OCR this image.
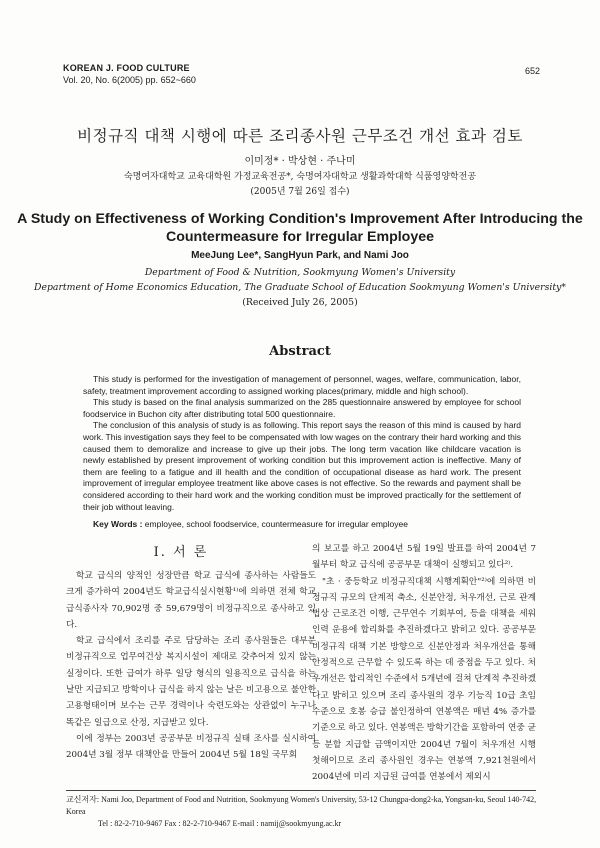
KOREAN J. FOOD CULTURE
Vol. 20, No. 6(2005) pp. 652~660
652
비정규직 대책 시행에 따른 조리종사원 근무조건 개선 효과 검토
이미정* · 박상현 · 주나미
숙명여자대학교 교육대학원 가정교육전공*, 숙명여자대학교 생활과학대학 식품영양학전공
(2005년 7월 26일 접수)
A Study on Effectiveness of Working Condition's Improvement After Introducing the
Countermeasure for Irregular Employee
MeeJung Lee*, SangHyun Park, and Nami Joo
Department of Food & Nutrition, Sookmyung Women's University
Department of Home Economics Education, The Graduate School of Education Sookmyung Women's University*
(Received July 26, 2005)
Abstract

This study is performed for the investigation of management of personnel, wages, welfare, communication, labor, safety, treatment improvement according to assigned working places(primary, middle and high school).

This study is based on the final analysis summarized on the 285 questionnaire answered by employee for school foodservice in Buchon city after distributing total 500 questionnaire.

The conclusion of this analysis of study is as following. This report says the reason of this mind is caused by hard work. This investigation says they feel to be compensated with low wages on the contrary their hard working and this caused them to demoralize and increase to give up their jobs. The long term vacation like childcare vacation is newly established by present improvement of working condition but this improvement action is ineffective. Many of them are feeling to a fatigue and ill health and the condition of occupational disease as hard work. The present improvement of irregular employee treatment like above cases is not effective. So the rewards and payment shall be considered according to their hard work and the working condition must be improved practically for the settlement of their job without leaving.

Key Words : employee, school foodservice, countermeasure for irregular employee
I. 서 론

학교 급식의 양적인 성장만큼 학교 급식에 종사하는 사람들도 크게 증가하여 2004년도 학교급식실시현황¹⁾에 의하면 전체 학교 급식종사자 70,902명 중 59,679명이 비정규직으로 종사하고 있다.

학교 급식에서 조리를 주로 담당하는 조리 종사원들은 대부분 비정규직으로 업무여건상 복지시설이 제대로 갖추어져 있지 않는 실정이다. 또한 급여가 하루 일당 형식의 일용직으로 급식을 하는 날만 지급되고 방학이나 급식을 하지 않는 날은 비고용으로 불안한 고용형태이며 보수는 근무 경력이나 숙련도와는 상관없이 누구나 똑같은 일급으로 산정, 지급받고 있다.

이에 정부는 2003년 공공부문 비정규직 실태 조사를 실시하여 2004년 3월 정부 대책안을 만들어 2004년 5월 18일 국무회

의 보고를 하고 2004년 5월 19일 발표를 하여 2004년 7월부터 학교 급식에 공공부문 대책이 실행되고 있다²⁾.

"초 · 중등학교 비정규직대책 시행계획안"²⁾에 의하면 비정규직 규모의 단계적 축소, 신분안정, 처우개선, 근로 관계법상 근로조건 이행, 근무연수 기회부여, 등을 대책을 세워 인력 운용에 합리화를 추진하겠다고 밝히고 있다. 공공부문 비정규직 대책 기본 방향으로 신분안정과 처우개선을 통해 안정적으로 근무할 수 있도록 하는 데 중점을 두고 있다. 처우개선은 합리적인 수준에서 5개년에 걸쳐 단계적 추진하겠다고 밝히고 있으며 조리 종사원의 경우 기능직 10급 초임수준으로 호봉 승급 불인정하여 연봉액은 매년 4% 증가를 기준으로 하고 있다. 연봉액은 방학기간을 포함하여 연중 균등 분할 지급할 금액이지만 2004년 7월이 처우개선 시행 첫해이므로 조리 종사원인 경우는 연봉액 7,921천원에서 2004년에 미리 지급된 급여를 연봉에서 제외시

교신저자: Nami Joo, Department of Food and Nutrition, Sookmyung Women's University, 53-12 Chungpa-dong2-ka, Yongsan-ku, Seoul 140-742, Korea
Tel : 82-2-710-9467 Fax : 82-2-710-9467 E-mail : namij@sookmyung.ac.kr
